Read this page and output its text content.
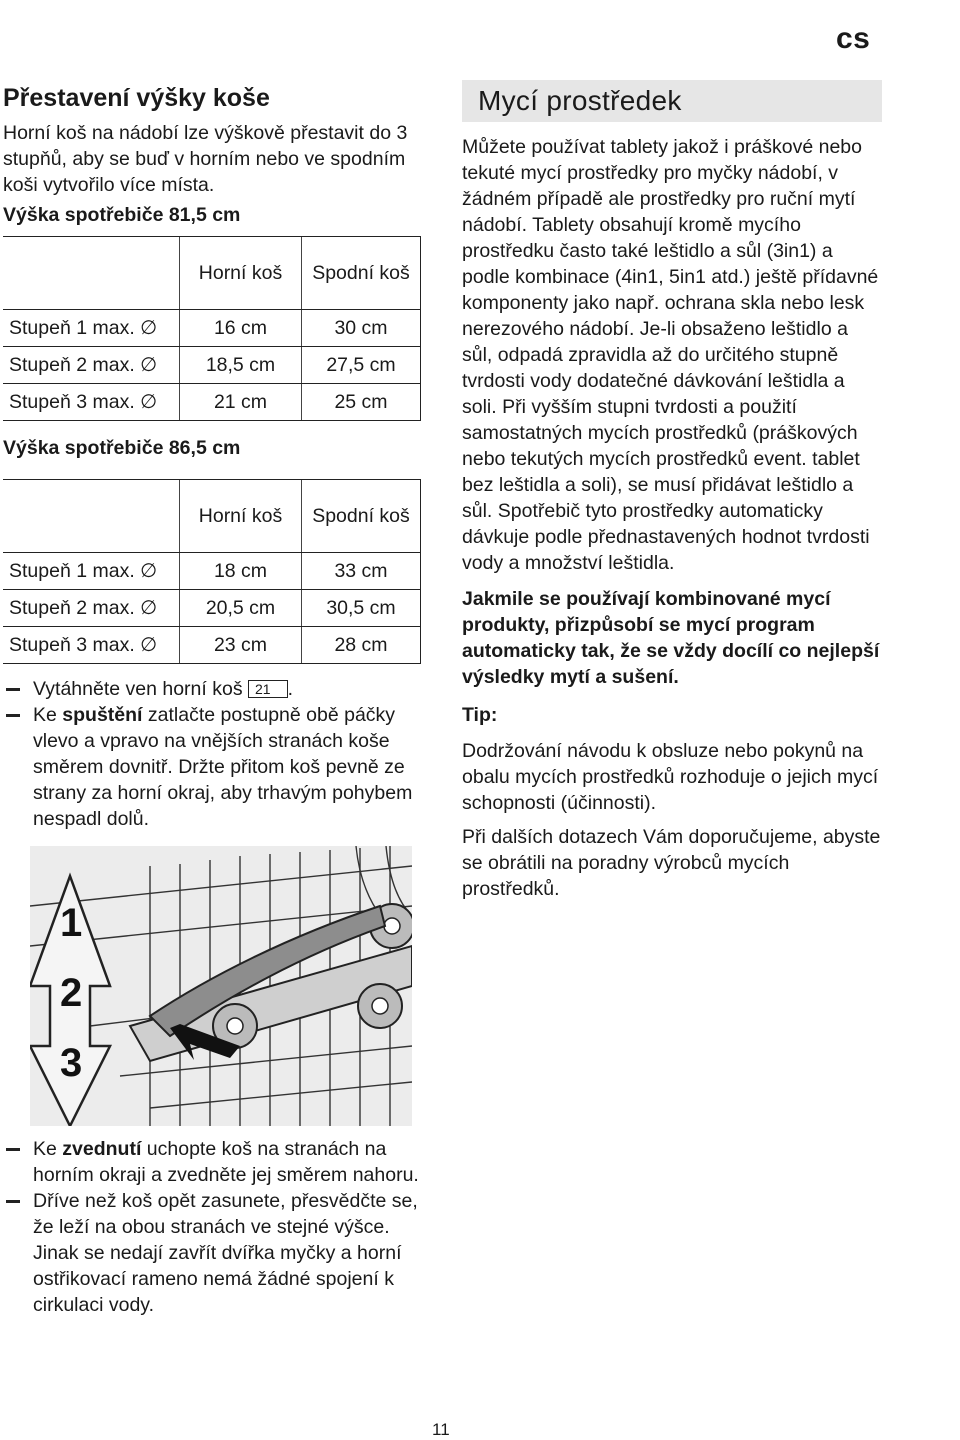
cs
Přestavení výšky koše

Horní koš na nádobí lze výškově přestavit do 3 stupňů, aby se buď v horním nebo ve spodním koši vytvořilo více místa.

Výška spotřebiče 81,5 cm
	Horní koš	Spodní koš
Stupeň 1 max. ∅	16 cm	30 cm
Stupeň 2 max. ∅	18,5 cm	27,5 cm
Stupeň 3 max. ∅	21 cm	25 cm
Výška spotřebiče 86,5 cm
	Horní koš	Spodní koš
Stupeň 1 max. ∅	18 cm	33 cm
Stupeň 2 max. ∅	20,5 cm	30,5 cm
Stupeň 3 max. ∅	23 cm	28 cm
Vytáhněte ven horní koš 21 .
Ke spuštění zatlačte postupně obě páčky vlevo a vpravo na vnějších stranách koše směrem dovnitř. Držte přitom koš pevně ze strany za horní okraj, aby trhavým pohybem nespadl dolů.
1
2
3
Ke zvednutí uchopte koš na stranách na horním okraji a zvedněte jej směrem nahoru.
Dříve než koš opět zasunete, přesvědčte se, že leží na obou stranách ve stejné výšce. Jinak se nedají zavřít dvířka myčky a horní ostřikovací rameno nemá žádné spojení k cirkulaci vody.
Mycí prostředek

Můžete používat tablety jakož i práškové nebo tekuté mycí prostředky pro myčky nádobí, v žádném případě ale prostředky pro ruční mytí nádobí. Tablety obsahují kromě mycího prostředku často také leštidlo a sůl (3in1) a podle kombinace (4in1, 5in1 atd.) ještě přídavné komponenty jako např. ochrana skla nebo lesk nerezového nádobí. Je-li obsaženo leštidlo a sůl, odpadá zpravidla až do určitého stupně tvrdosti vody dodatečné dávkování leštidla a soli. Při vyšším stupni tvrdosti a použití samostatných mycích prostředků (práškových nebo tekutých mycích prostředků event. tablet bez leštidla a soli), se musí přidávat leštidlo a sůl. Spotřebič tyto prostředky automaticky dávkuje podle přednastavených hodnot tvrdosti vody a množství leštidla.

Jakmile se používají kombinované mycí produkty, přizpůsobí se mycí program automaticky tak, že se vždy docílí co nejlepší výsledky mytí a sušení.
Tip:

Dodržování návodu k obsluze nebo pokynů na obalu mycích prostředků rozhoduje o jejich mycí schopnosti (účinnosti).

Při dalších dotazech Vám doporučujeme, abyste se obrátili na poradny výrobců mycích prostředků.

11
